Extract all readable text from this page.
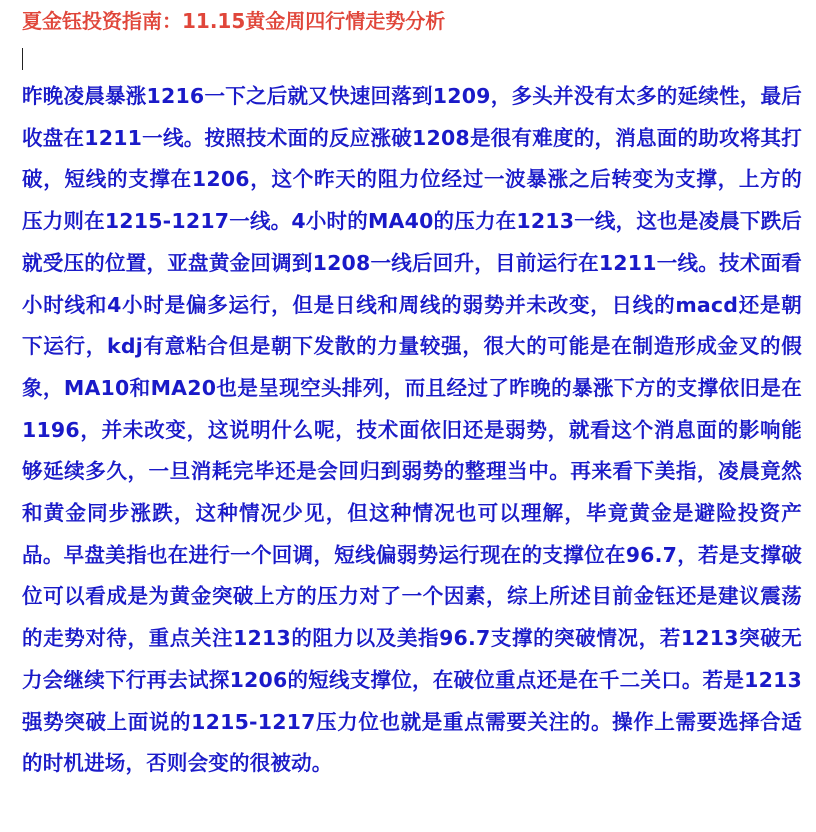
夏金钰投资指南：11.15黄金周四行情走势分析

昨晚凌晨暴涨1216一下之后就又快速回落到1209，多头并没有太多的延续性，最后收盘在1211一线。按照技术面的反应涨破1208是很有难度的，消息面的助攻将其打破，短线的支撑在1206，这个昨天的阻力位经过一波暴涨之后转变为支撑，上方的压力则在1215-1217一线。4小时的MA40的压力在1213一线，这也是凌晨下跌后就受压的位置，亚盘黄金回调到1208一线后回升，目前运行在1211一线。技术面看小时线和4小时是偏多运行，但是日线和周线的弱势并未改变，日线的macd还是朝下运行，kdj有意粘合但是朝下发散的力量较强，很大的可能是在制造形成金叉的假象，MA10和MA20也是呈现空头排列，而且经过了昨晚的暴涨下方的支撑依旧是在1196，并未改变，这说明什么呢，技术面依旧还是弱势，就看这个消息面的影响能够延续多久，一旦消耗完毕还是会回归到弱势的整理当中。再来看下美指，凌晨竟然和黄金同步涨跌，这种情况少见，但这种情况也可以理解，毕竟黄金是避险投资产品。早盘美指也在进行一个回调，短线偏弱势运行现在的支撑位在96.7，若是支撑破位可以看成是为黄金突破上方的压力对了一个因素，综上所述目前金钰还是建议震荡的走势对待，重点关注1213的阻力以及美指96.7支撑的突破情况，若1213突破无力会继续下行再去试探1206的短线支撑位，在破位重点还是在千二关口。若是1213强势突破上面说的1215-1217压力位也就是重点需要关注的。操作上需要选择合适的时机进场，否则会变的很被动。
